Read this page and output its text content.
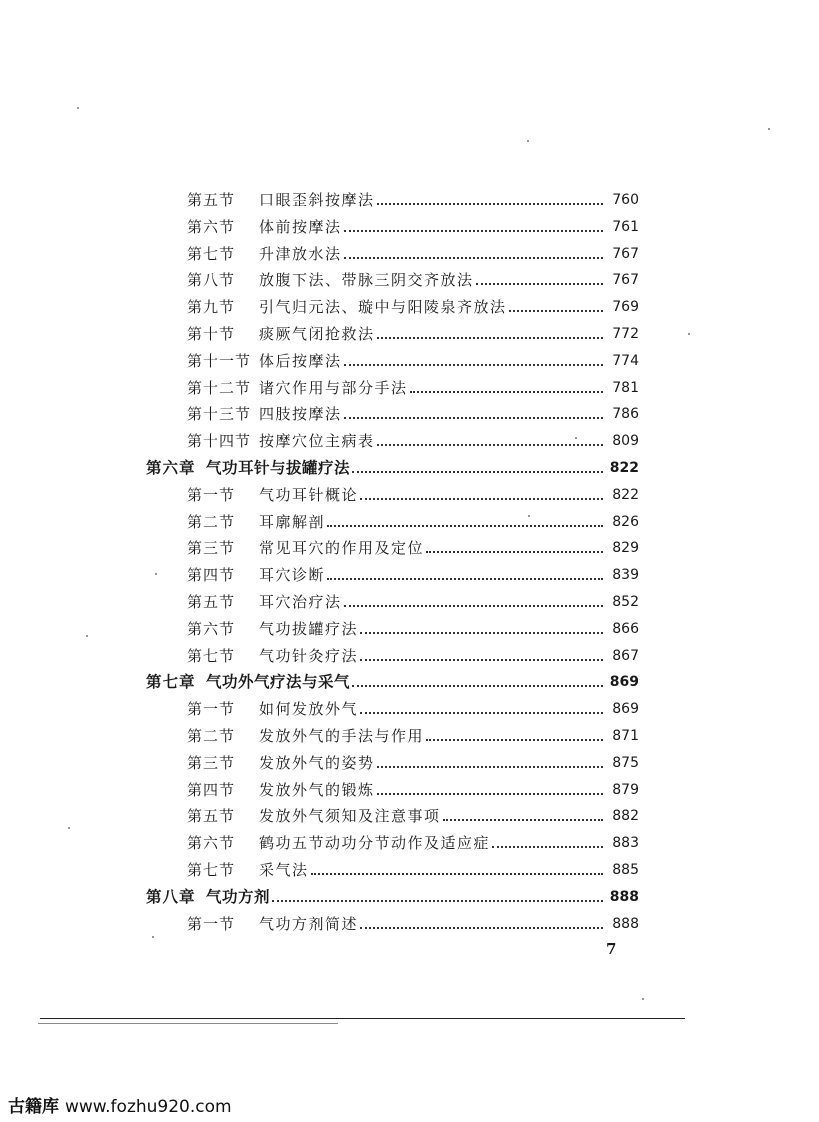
第五节	口眼歪斜按摩法	760
第六节	体前按摩法	761
第七节	升津放水法	767
第八节	放腹下法、带脉三阴交齐放法	767
第九节	引气归元法、璇中与阳陵泉齐放法	769
第十节	痰厥气闭抢救法	772
第十一节 体后按摩法	774
第十二节 诸穴作用与部分手法	781
第十三节 四肢按摩法	786
第十四节 按摩穴位主病表	809
第六章 气功耳针与拔罐疗法	822
第一节	气功耳针概论	822
第二节	耳廓解剖	826
第三节	常见耳穴的作用及定位	829
第四节	耳穴诊断	839
第五节	耳穴治疗法	852
第六节	气功拔罐疗法	866
第七节	气功针灸疗法	867
第七章 气功外气疗法与采气	869
第一节	如何发放外气	869
第二节	发放外气的手法与作用	871
第三节	发放外气的姿势	875
第四节	发放外气的锻炼	879
第五节	发放外气须知及注意事项	882
第六节	鹤功五节动功分节动作及适应症	883
第七节	采气法	885
第八章 气功方剂	888
第一节	气功方剂简述	888
7
古籍库 www.fozhu920.com
